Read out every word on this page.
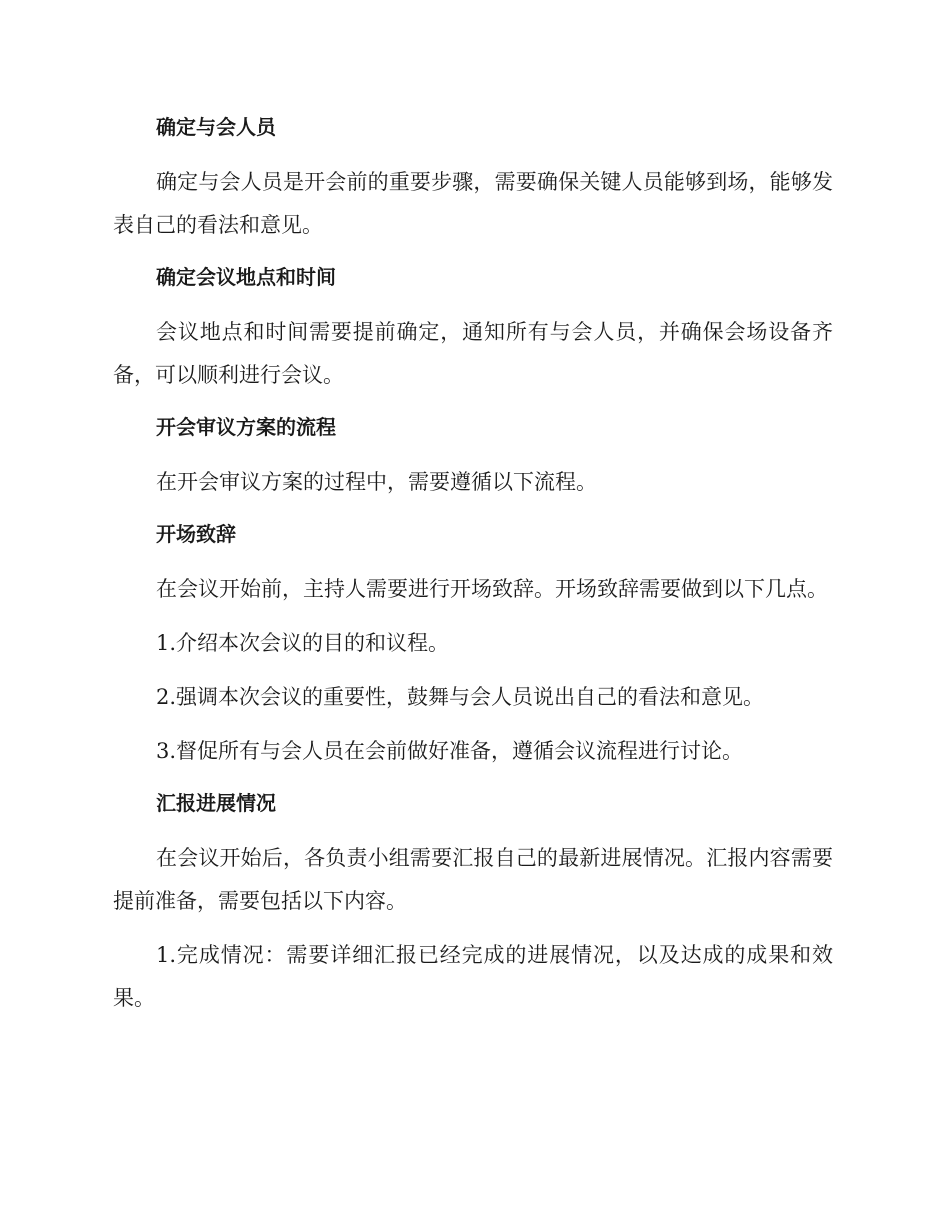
确定与会人员

确定与会人员是开会前的重要步骤，需要确保关键人员能够到场，能够发表自己的看法和意见。

确定会议地点和时间

会议地点和时间需要提前确定，通知所有与会人员，并确保会场设备齐备，可以顺利进行会议。

开会审议方案的流程

在开会审议方案的过程中，需要遵循以下流程。

开场致辞

在会议开始前，主持人需要进行开场致辞。开场致辞需要做到以下几点。

1.介绍本次会议的目的和议程。

2.强调本次会议的重要性，鼓舞与会人员说出自己的看法和意见。

3.督促所有与会人员在会前做好准备，遵循会议流程进行讨论。

汇报进展情况

在会议开始后，各负责小组需要汇报自己的最新进展情况。汇报内容需要提前准备，需要包括以下内容。

1.完成情况：需要详细汇报已经完成的进展情况，以及达成的成果和效果。
